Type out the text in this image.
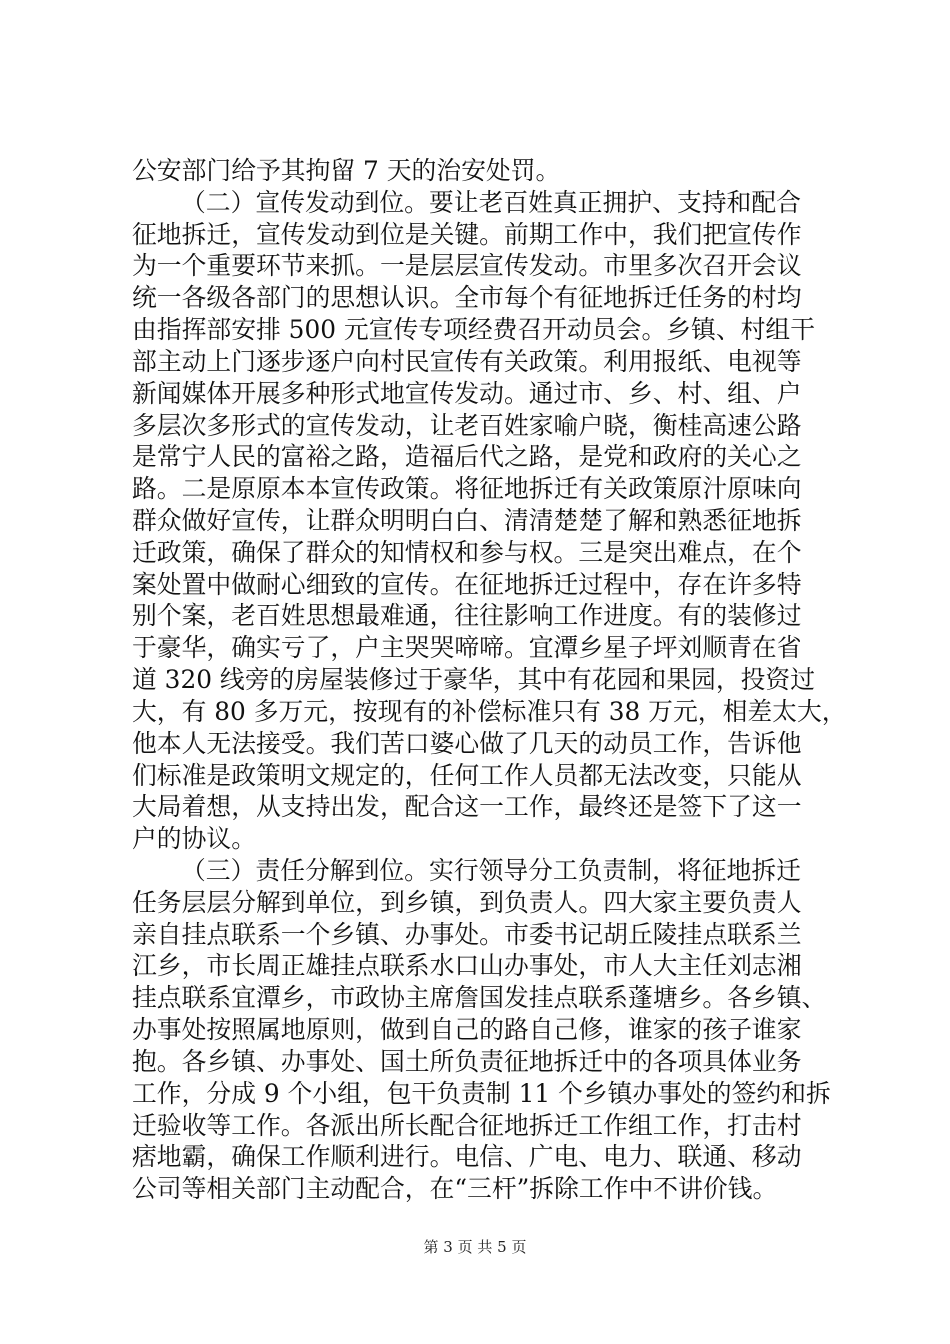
公安部门给予其拘留 7 天的治安处罚。
（二）宣传发动到位。要让老百姓真正拥护、支持和配合
征地拆迁，宣传发动到位是关键。前期工作中，我们把宣传作
为一个重要环节来抓。一是层层宣传发动。市里多次召开会议
统一各级各部门的思想认识。全市每个有征地拆迁任务的村均
由指挥部安排 500 元宣传专项经费召开动员会。乡镇、村组干
部主动上门逐步逐户向村民宣传有关政策。利用报纸、电视等
新闻媒体开展多种形式地宣传发动。通过市、乡、村、组、户
多层次多形式的宣传发动，让老百姓家喻户晓，衡桂高速公路
是常宁人民的富裕之路，造福后代之路，是党和政府的关心之
路。二是原原本本宣传政策。将征地拆迁有关政策原汁原味向
群众做好宣传，让群众明明白白、清清楚楚了解和熟悉征地拆
迁政策，确保了群众的知情权和参与权。三是突出难点，在个
案处置中做耐心细致的宣传。在征地拆迁过程中，存在许多特
别个案，老百姓思想最难通，往往影响工作进度。有的装修过
于豪华，确实亏了，户主哭哭啼啼。宜潭乡星子坪刘顺青在省
道 320 线旁的房屋装修过于豪华，其中有花园和果园，投资过
大，有 80 多万元，按现有的补偿标准只有 38 万元，相差太大，
他本人无法接受。我们苦口婆心做了几天的动员工作，告诉他
们标准是政策明文规定的，任何工作人员都无法改变，只能从
大局着想，从支持出发，配合这一工作，最终还是签下了这一
户的协议。
（三）责任分解到位。实行领导分工负责制，将征地拆迁
任务层层分解到单位，到乡镇，到负责人。四大家主要负责人
亲自挂点联系一个乡镇、办事处。市委书记胡丘陵挂点联系兰
江乡，市长周正雄挂点联系水口山办事处，市人大主任刘志湘
挂点联系宜潭乡，市政协主席詹国发挂点联系蓬塘乡。各乡镇、
办事处按照属地原则，做到自己的路自己修，谁家的孩子谁家
抱。各乡镇、办事处、国土所负责征地拆迁中的各项具体业务
工作，分成 9 个小组，包干负责制 11 个乡镇办事处的签约和拆
迁验收等工作。各派出所长配合征地拆迁工作组工作，打击村
痞地霸，确保工作顺利进行。电信、广电、电力、联通、移动
公司等相关部门主动配合，在“三杆”拆除工作中不讲价钱。
第 3 页 共 5 页
